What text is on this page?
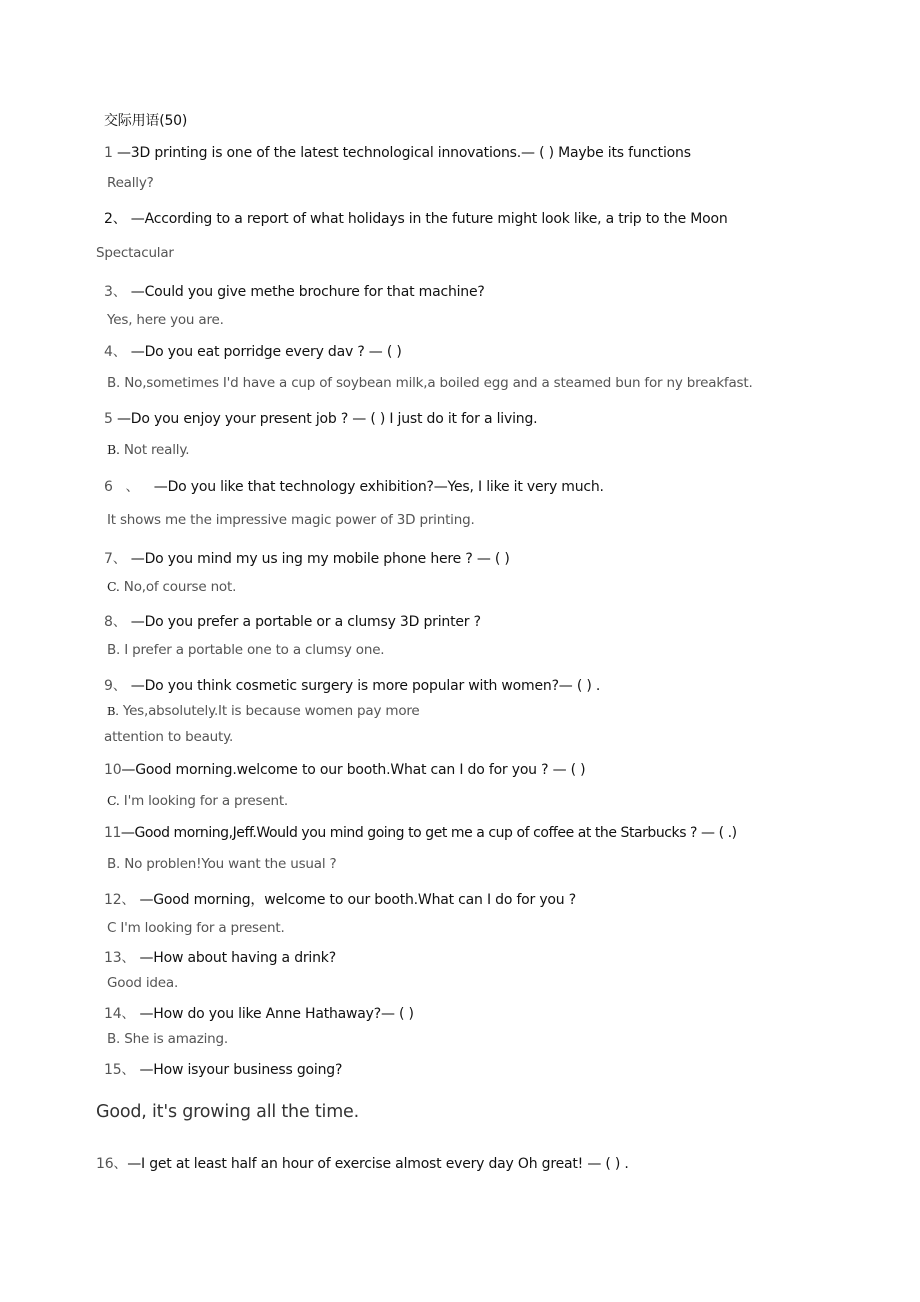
交际用语(50)
1 —3D printing is one of the latest technological innovations.— ( ) Maybe its functions
Really?
2、 —According to a report of what holidays in the future might look like, a trip to the Moon
Spectacular
3、 —Could you give methe brochure for that machine?
Yes, here you are.
4、 —Do you eat porridge every dav ? — ( )
B. No,sometimes I'd have a cup of soybean milk,a boiled egg and a steamed bun for ny breakfast.
5 —Do you enjoy your present job ? — ( ) I just do it for a living.
B. Not really.
6   、 —Do you like that technology exhibition?—Yes, I like it very much.
It shows me the impressive magic power of 3D printing.
7、 —Do you mind my us ing my mobile phone here ? — ( )
C. No,of course not.
8、 —Do you prefer a portable or a clumsy 3D printer ?
B. I prefer a portable one to a clumsy one.
9、 —Do you think cosmetic surgery is more popular with women?— ( ) .
B. Yes,absolutely.It is because women pay more
attention to beauty.
10—Good morning.welcome to our booth.What can I do for you ? — ( )
C. I'm looking for a present.
11—Good morning,Jeff.Would you mind going to get me a cup of coffee at the Starbucks ? — ( .)
B. No problen!You want the usual ?
12、 —Good morning，welcome to our booth.What can I do for you ?
C I'm looking for a present.
13、 —How about having a drink?
Good idea.
14、 —How do you like Anne Hathaway?— ( )
B. She is amazing.
15、 —How isyour business going?
Good, it's growing all the time.
16、—I get at least half an hour of exercise almost every day Oh great! — ( ) .
